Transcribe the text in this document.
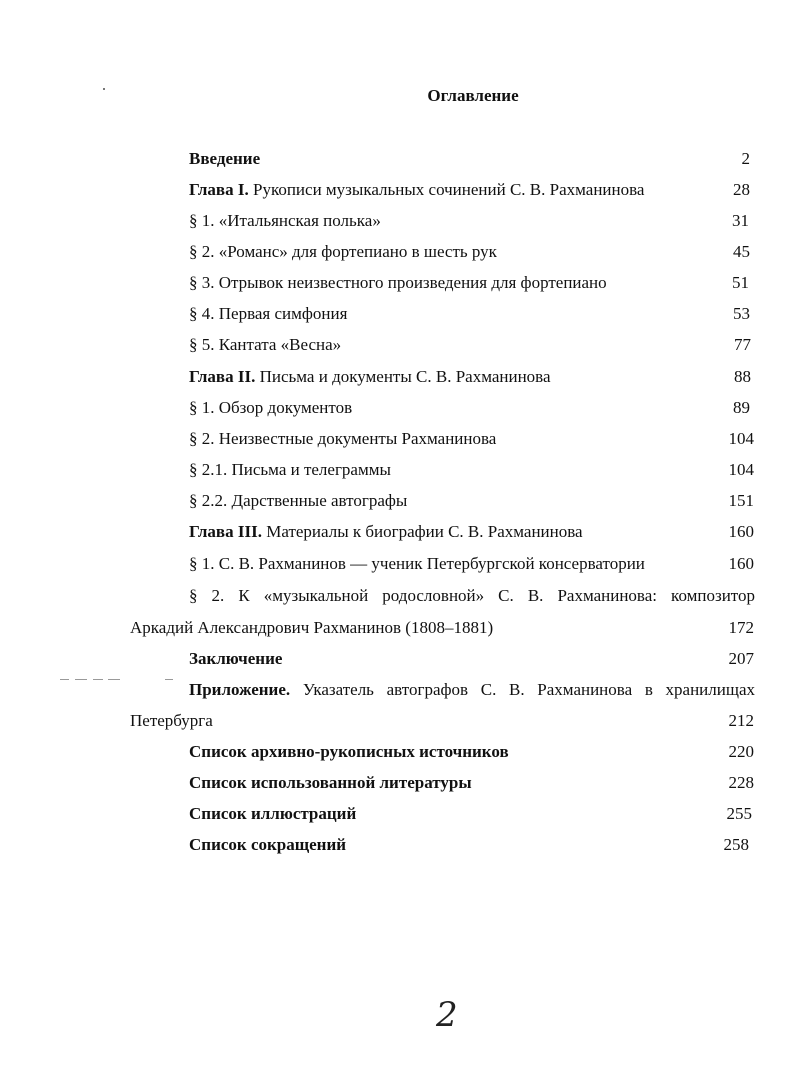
Оглавление
Введение	2
Глава I. Рукописи музыкальных сочинений С. В. Рахманинова	28
§ 1. «Итальянская полька»	31
§ 2. «Романс» для фортепиано в шесть рук	45
§ 3. Отрывок неизвестного произведения для фортепиано	51
§ 4. Первая симфония	53
§ 5. Кантата «Весна»	77
Глава II. Письма и документы С. В. Рахманинова	88
§ 1. Обзор документов	89
§ 2. Неизвестные документы Рахманинова	104
§ 2.1. Письма и телеграммы	104
§ 2.2. Дарственные автографы	151
Глава III. Материалы к биографии С. В. Рахманинова	160
§ 1. С. В. Рахманинов — ученик Петербургской консерватории	160
§ 2. К «музыкальной родословной» С. В. Рахманинова: композитор
Аркадий Александрович Рахманинов (1808–1881)	172
Заключение	207
Приложение. Указатель автографов С. В. Рахманинова в хранилищах
Петербурга	212
Список архивно-рукописных источников	220
Список использованной литературы	228
Список иллюстраций	255
Список сокращений	258
2
